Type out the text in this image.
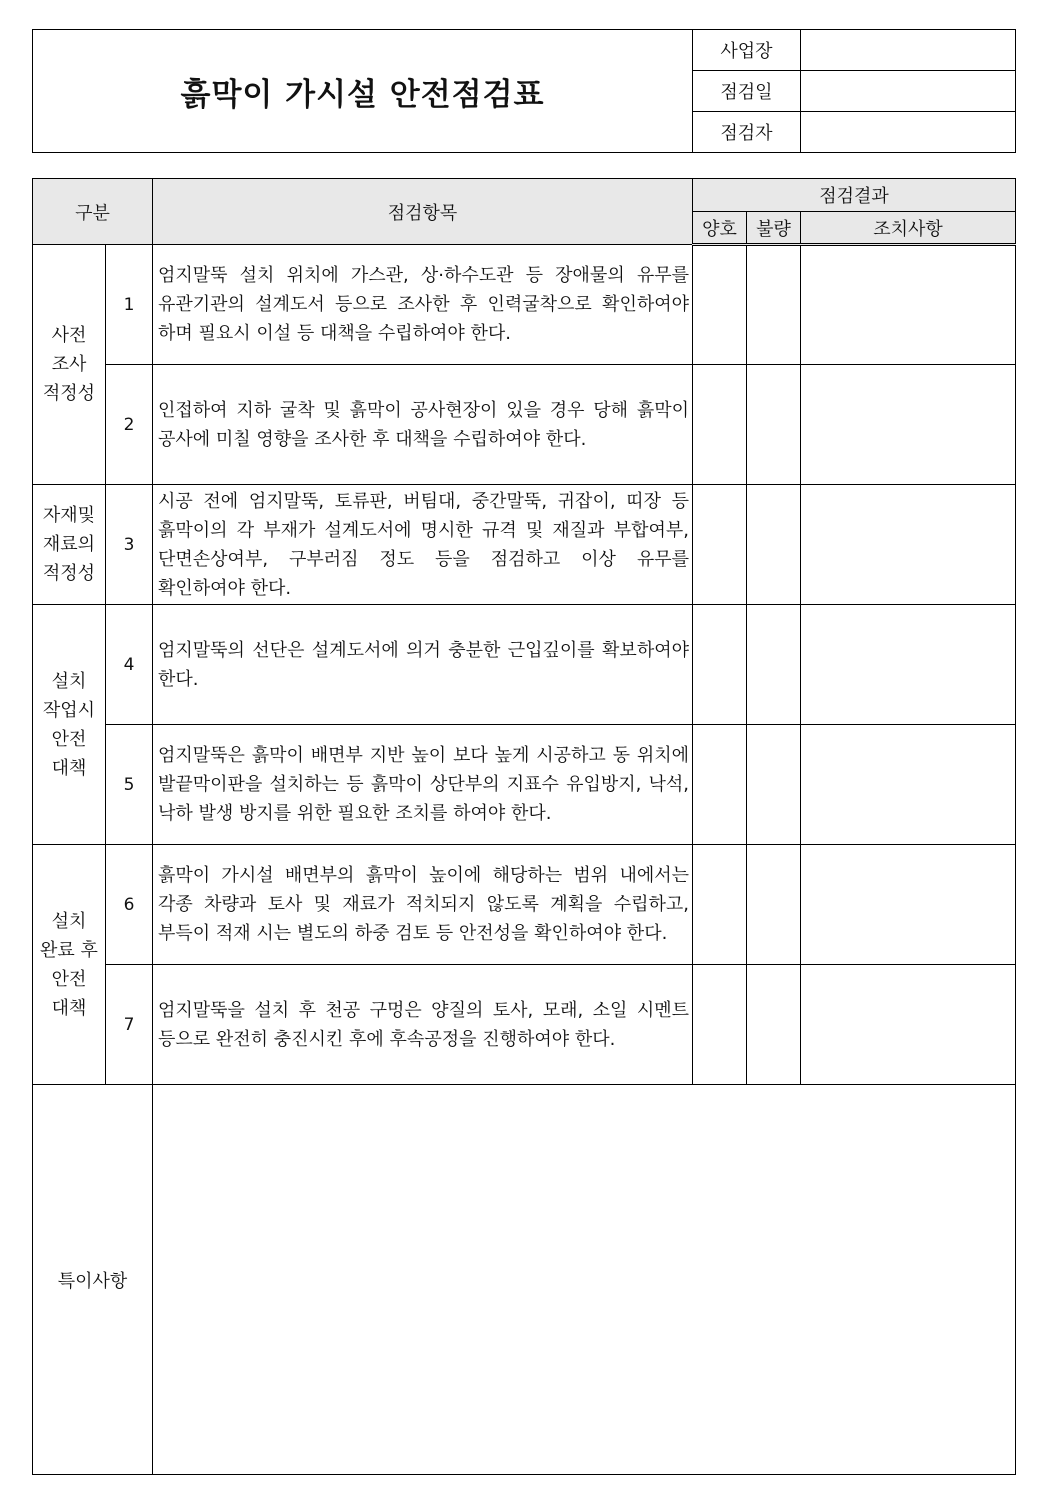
흙막이 가시설 안전점검표	사업장	
	점검일	
	점검자	
구분		점검항목	점검결과		
			양호	불량	조치사항

사전
조사
적정성	1	엄지말뚝 설치 위치에 가스관, 상·하수도관 등 장애물의 유무를 유관기관의 설계도서 등으로 조사한 후 인력굴착으로 확인하여야 하며 필요시 이설 등 대책을 수립하여야 한다.			
	2	인접하여 지하 굴착 및 흙막이 공사현장이 있을 경우 당해 흙막이 공사에 미칠 영향을 조사한 후 대책을 수립하여야 한다.			

자재및
재료의
적정성	3	시공 전에 엄지말뚝, 토류판, 버팀대, 중간말뚝, 귀잡이, 띠장 등 흙막이의 각 부재가 설계도서에 명시한 규격 및 재질과 부합여부, 단면손상여부, 구부러짐 정도 등을 점검하고 이상 유무를 확인하여야 한다.			

설치
작업시
안전
대책	4	엄지말뚝의 선단은 설계도서에 의거 충분한 근입깊이를 확보하여야 한다.			
	5	엄지말뚝은 흙막이 배면부 지반 높이 보다 높게 시공하고 동 위치에 발끝막이판을 설치하는 등 흙막이 상단부의 지표수 유입방지, 낙석, 낙하 발생 방지를 위한 필요한 조치를 하여야 한다.			

설치
완료 후
안전
대책	6	흙막이 가시설 배면부의 흙막이 높이에 해당하는 범위 내에서는 각종 차량과 토사 및 재료가 적치되지 않도록 계획을 수립하고, 부득이 적재 시는 별도의 하중 검토 등 안전성을 확인하여야 한다.			
	7	엄지말뚝을 설치 후 천공 구멍은 양질의 토사, 모래, 소일 시멘트 등으로 완전히 충진시킨 후에 후속공정을 진행하여야 한다.			
특이사항					
